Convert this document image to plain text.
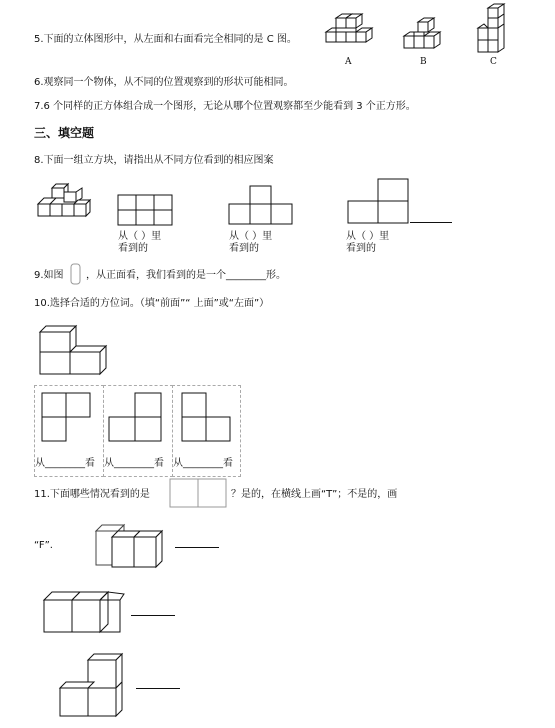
5.下面的立体图形中，从左面和右面看完全相同的是 C 图。
A	B	C
6.观察同一个物体，从不同的位置观察到的形状可能相同。
7.6 个同样的正方体组合成一个图形，无论从哪个位置观察都至少能看到 3 个正方形。
三、填空题
8.下面一组立方块，请指出从不同方位看到的相应图案
从（ ）里
看到的
从（ ）里
看到的
从（ ）里
看到的
9.如图 ，从正面看，我们看到的是一个________形。
10.选择合适的方位词。（填“前面”“ 上面”或“左面”）
从________看 从________看 从________看
11.下面哪些情况看到的是	？是的，在横线上画“T”；不是的，画
“F”.
